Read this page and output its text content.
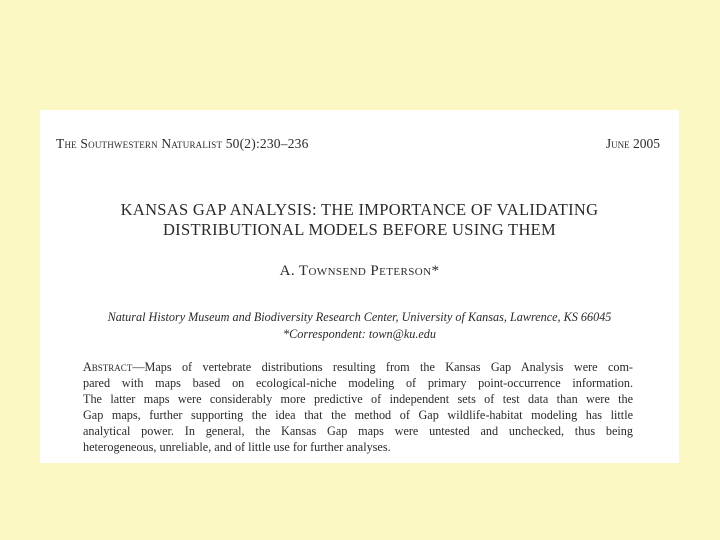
The Southwestern Naturalist 50(2):230–236	June 2005
KANSAS GAP ANALYSIS: THE IMPORTANCE OF VALIDATING
DISTRIBUTIONAL MODELS BEFORE USING THEM
A. Townsend Peterson*
Natural History Museum and Biodiversity Research Center, University of Kansas, Lawrence, KS 66045
*Correspondent: town@ku.edu
Abstract—Maps of vertebrate distributions resulting from the Kansas Gap Analysis were com-
pared with maps based on ecological-niche modeling of primary point-occurrence information.
The latter maps were considerably more predictive of independent sets of test data than were the
Gap maps, further supporting the idea that the method of Gap wildlife-habitat modeling has little
analytical power. In general, the Kansas Gap maps were untested and unchecked, thus being
heterogeneous, unreliable, and of little use for further analyses.
